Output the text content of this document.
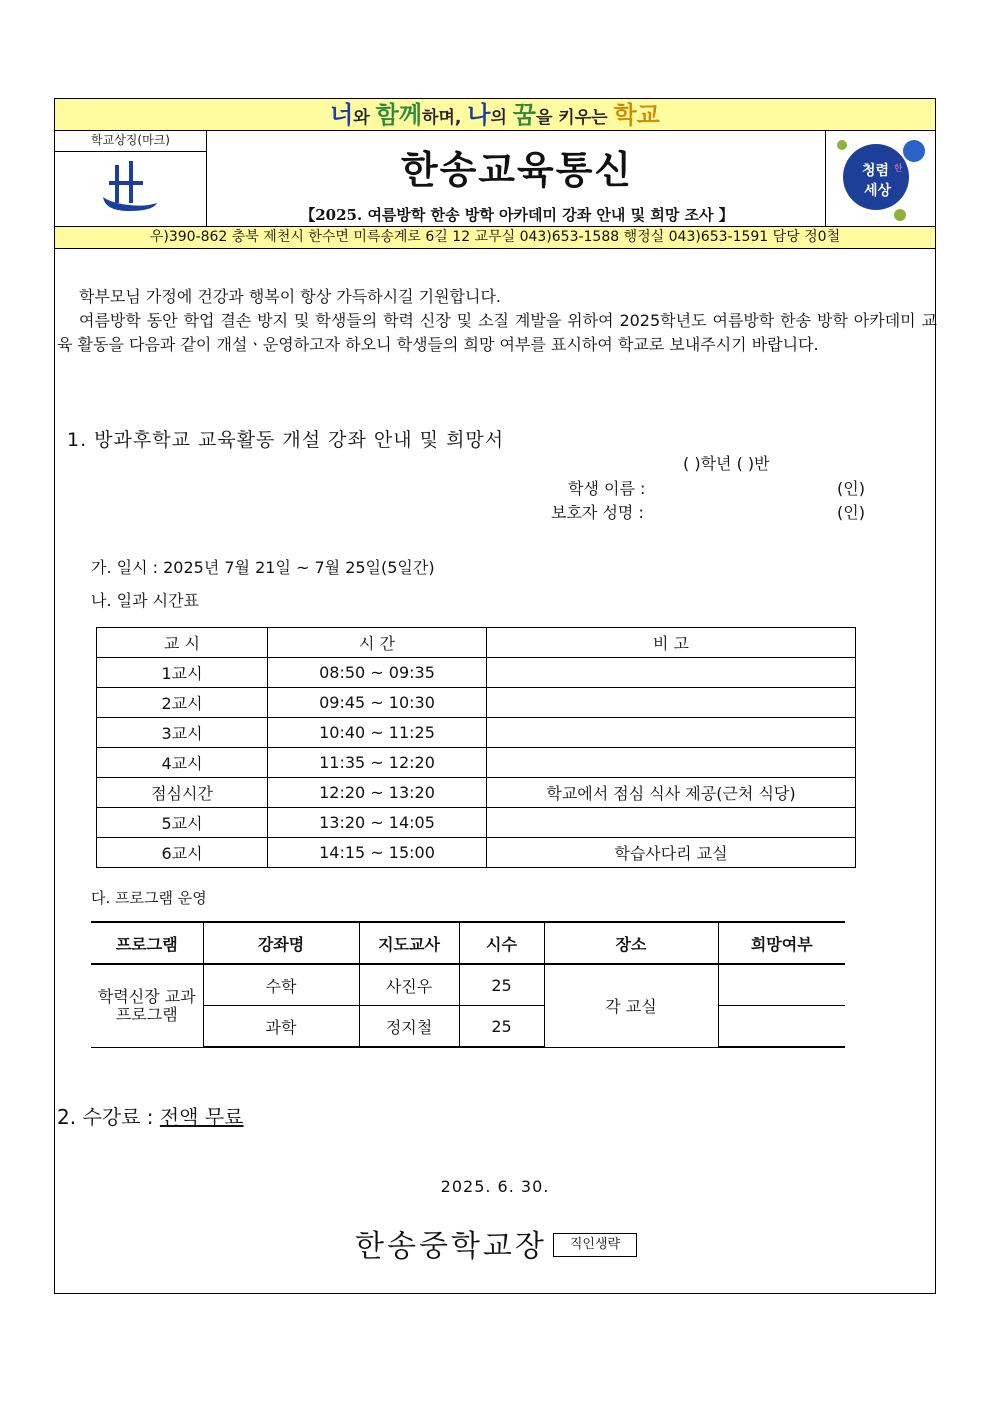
너와 함께하며, 나의 꿈을 키우는 학교
학교상징(마크)
한송교육통신
【2025. 여름방학 한송 방학 아카데미 강좌 안내 및 희망 조사 】
청렴 한
세상
우)390-862 충북 제천시 한수면 미륵송계로 6길 12 교무실 043)653-1588 행정실 043)653-1591 담당 정0철

학부모님 가정에 건강과 행복이 항상 가득하시길 기원합니다.

여름방학 동안 학업 결손 방지 및 학생들의 학력 신장 및 소질 계발을 위하여 2025학년도 여름방학 한송 방학 아카데미 교육 활동을 다음과 같이 개설ㆍ운영하고자 하오니 학생들의 희망 여부를 표시하여 학교로 보내주시기 바랍니다.

1. 방과후학교 교육활동 개설 강좌 안내 및 희망서
( )학년 ( )반
학생 이름 :	(인)
보호자 성명 :	(인)
가. 일시 : 2025년 7월 21일 ~ 7월 25일(5일간)
나. 일과 시간표
교 시	시 간	비 고
1교시	08:50 ~ 09:35	
2교시	09:45 ~ 10:30	
3교시	10:40 ~ 11:25	
4교시	11:35 ~ 12:20	
점심시간	12:20 ~ 13:20	학교에서 점심 식사 제공(근처 식당)
5교시	13:20 ~ 14:05	
6교시	14:15 ~ 15:00	학습사다리 교실
다. 프로그램 운영
프로그램	강좌명	지도교사	시수	장소	희망여부
학력신장 교과 프로그램	수학	사진우	25	각 교실	
	과학	정지철	25		
2. 수강료 : 전액 무료
2025. 6. 30.
한송중학교장	직인생략
